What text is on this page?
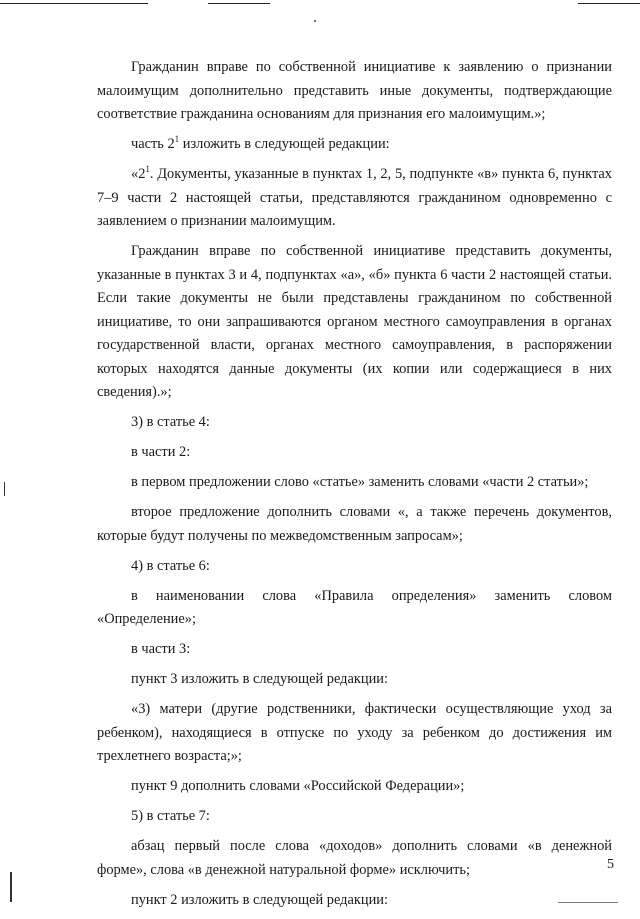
Гражданин вправе по собственной инициативе к заявлению о признании малоимущим дополнительно представить иные документы, подтверждающие соответствие гражданина основаниям для признания его малоимущим.»;

часть $2^1$ изложить в следующей редакции:

«$2^1$. Документы, указанные в пунктах 1, 2, 5, подпункте «в» пункта 6, пунктах 7–9 части 2 настоящей статьи, представляются гражданином одновременно с заявлением о признании малоимущим.

Гражданин вправе по собственной инициативе представить документы, указанные в пунктах 3 и 4, подпунктах «а», «б» пункта 6 части 2 настоящей статьи. Если такие документы не были представлены гражданином по собственной инициативе, то они запрашиваются органом местного самоуправления в органах государственной власти, органах местного самоуправления, в распоряжении которых находятся данные документы (их копии или содержащиеся в них сведения).»;

3) в статье 4:

в части 2:

в первом предложении слово «статье» заменить словами «части 2 статьи»;

второе предложение дополнить словами «, а также перечень документов, которые будут получены по межведомственным запросам»;

4) в статье 6:

в наименовании слова «Правила определения» заменить словом «Определение»;

в части 3:

пункт 3 изложить в следующей редакции:

«3) матери (другие родственники, фактически осуществляющие уход за ребенком), находящиеся в отпуске по уходу за ребенком до достижения им трехлетнего возраста;»;

пункт 9 дополнить словами «Российской Федерации»;

5) в статье 7:

абзац первый после слова «доходов» дополнить словами «в денежной форме», слова «в денежной натуральной форме» исключить;

пункт 2 изложить в следующей редакции:

5
